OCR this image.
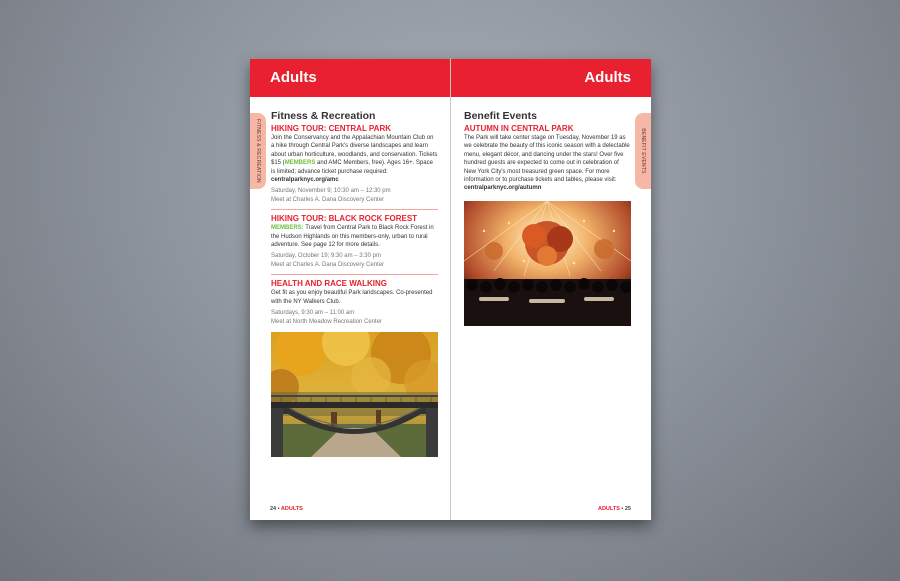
Adults
FITNESS & RECREATION
Fitness & Recreation
HIKING TOUR: CENTRAL PARK
Join the Conservancy and the Appalachian Mountain Club on a hike through Central Park's diverse landscapes and learn about urban horticulture, woodlands, and conservation. Tickets $15 (MEMBERS and AMC Members, free). Ages 16+. Space is limited; advance ticket purchase required: centralparknyc.org/amc
Saturday, November 9; 10:30 am – 12:30 pm
Meet at Charles A. Dana Discovery Center
HIKING TOUR: BLACK ROCK FOREST
MEMBERS: Travel from Central Park to Black Rock Forest in the Hudson Highlands on this members-only, urban to rural adventure. See page 12 for more details.
Saturday, October 19; 9:30 am – 3:30 pm
Meet at Charles A. Dana Discovery Center
HEALTH AND RACE WALKING
Get fit as you enjoy beautiful Park landscapes. Co-presented with the NY Walkers Club.
Saturdays, 9:30 am – 11:00 am
Meet at North Meadow Recreation Center
24 • ADULTS
Adults
BENEFIT EVENTS
Benefit Events
AUTUMN IN CENTRAL PARK
The Park will take center stage on Tuesday, November 19 as we celebrate the beauty of this iconic season with a delectable menu, elegant décor, and dancing under the stars! Over five hundred guests are expected to come out in celebration of New York City's most treasured green space. For more information or to purchase tickets and tables, please visit: centralparknyc.org/autumn
ADULTS • 25
